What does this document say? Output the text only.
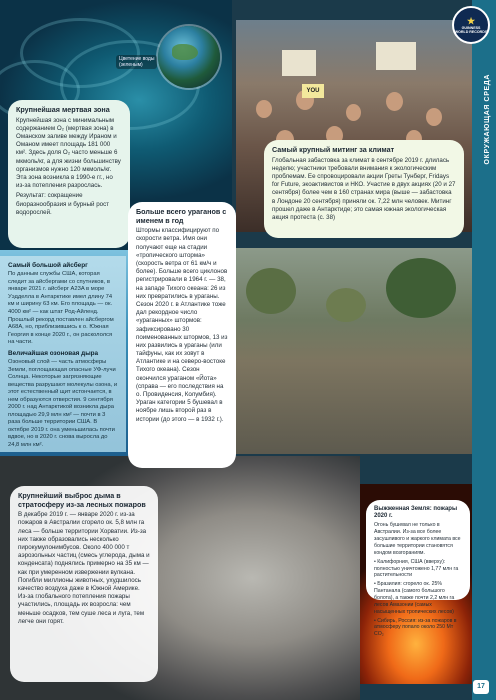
Цветение воды
(зеленым)
YOU
Крупнейшая мертвая зона

Крупнейшая зона с минимальным содержанием O₂ (мертвая зона) в Оманском заливе между Ираном и Оманом имеет площадь 181 000 км². Здесь доля O₂ часто меньше 6 мкмоль/кг, а для жизни большинству организмов нужно 120 мкмоль/кг. Эта зона возникла в 1990-е гг., но из-за потепления разрослась.

Результат: сокращение биоразнообразия и бурный рост водорослей.

Самый большой айсберг

По данным службы США, которая следит за айсбергами со спутников, в январе 2021 г. айсберг A23A в море Уэдделла в Антарктике имел длину 74 км и ширину 63 км. Его площадь — ок. 4000 км² — как штат Род-Айленд. Прошлый рекорд поставлен айсбергом A68A, но, приблизившись к о. Южная Георгия в конце 2020 г., он раскололся на части.

Величайшая озоновая дыра

Озоновый слой — часть атмосферы Земли, поглощающая опасные УФ-лучи Солнца. Некоторые загрязняющие вещества разрушают молекулы озона, и этот естественный щит истончается, в нем образуются отверстия. 9 сентября 2000 г. над Антарктикой возникла дыра площадью 29,9 млн км² — почти в 3 раза больше территории США. В октябре 2019 г. она уменьшилась почти вдвое, но в 2020 г. снова выросла до 24,8 млн км².

Самый крупный митинг за климат

Глобальная забастовка за климат в сентябре 2019 г. длилась неделю; участники требовали внимания к экологическим проблемам. Ее спровоцировали акции Греты Тунберг, Fridays for Future, экоактивистов и НКО. Участие в двух акциях (20 и 27 сентября) более чем в 160 странах мира (выше — забастовка в Лондоне 20 сентября) приняли ок. 7,22 млн человек. Митинг прошел даже в Антарктиде; это самая южная экологическая акция протеста (с. 38)

Больше всего ураганов с именем в год

Штормы классифицируют по скорости ветра. Имя они получают еще на стадии «тропического шторма» (скорость ветра от 61 км/ч и более). Больше всего циклонов регистрировали в 1964 г. — 38, на западе Тихого океана: 26 из них превратились в ураганы. Сезон 2020 г. в Атлантике тоже дал рекордное число «ураганных» штормов: зафиксировано 30 поименованных штормов, 13 из них развились в ураганы (или тайфуны, как их зовут в Атлантике и на северо-востоке Тихого океана). Сезон окончился ураганом «Йота» (справа — его последствия на о. Провиденсия, Колумбия). Ураган категории 5 бушевал в ноябре лишь второй раз в истории (до этого — в 1932 г.).

Выжженная Земля: пожары 2020 г.

Огонь бушевал не только в Австралии. Из-за все более засушливого и жаркого климата все большие территории становятся кондом возгораниям.

• Калифорния, США (вверху): полностью уничтожено 1,77 млн га растительности

• Бразилия: сгорело ок. 25% Пантанала (самого большого болота), а также почти 2,2 млн га лесов Амазонии (самых насыщенных тропических лесов)

• Сибирь, Россия: из-за пожаров в атмосферу попало около 250 Мт CO₂

Крупнейший выброс дыма в стратосферу из-за лесных пожаров

В декабре 2019 г. — январе 2020 г. из-за пожаров в Австралии сгорело ок. 5,8 млн га леса — больше территории Хорватии. Из-за них также образовались несколько пирокумулонимбусов. Около 400 000 т аэрозольных частиц (смесь углерода, дыма и конденсата) поднялись примерно на 35 км — как при умеренном извержении вулкана. Погибли миллионы животных, ухудшилось качество воздуха даже в Южной Америке. Из-за глобального потепления пожары участились, площадь их возросла: чем меньше осадков, тем суше леса и луга, тем легче они горят.

ОКРУЖАЮЩАЯ СРЕДА
★
GUINNESS
WORLD RECORDS
17
